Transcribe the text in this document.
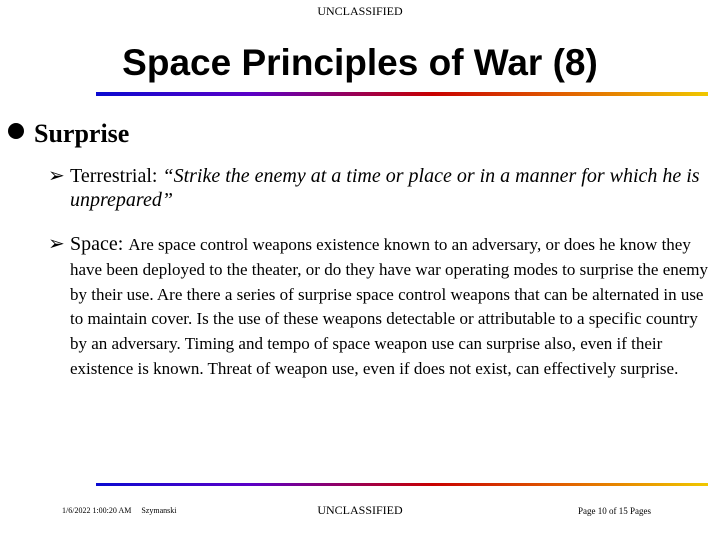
UNCLASSIFIED
Space Principles of War (8)
Surprise
➢ Terrestrial: “Strike the enemy at a time or place or in a manner for which he is unprepared”
➢ Space: Are space control weapons existence known to an adversary, or does he know they have been deployed to the theater, or do they have war operating modes to surprise the enemy by their use. Are there a series of surprise space control weapons that can be alternated in use to maintain cover. Is the use of these weapons detectable or attributable to a specific country by an adversary. Timing and tempo of space weapon use can surprise also, even if their existence is known. Threat of weapon use, even if does not exist, can effectively surprise.
1/6/2022 1:00:20 AM Szymanski	UNCLASSIFIED	Page 10 of 15 Pages
